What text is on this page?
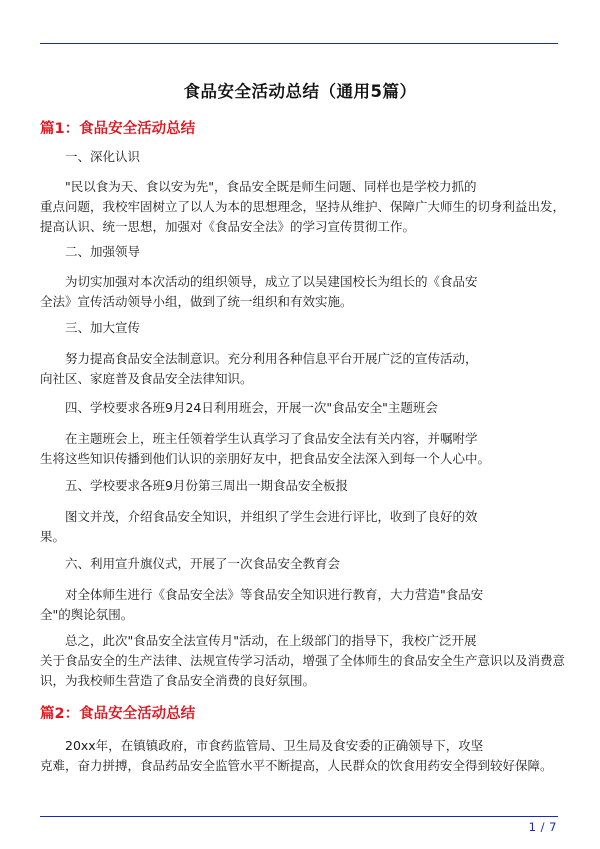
食品安全活动总结（通用5篇）
篇1：食品安全活动总结
一、深化认识
"民以食为天、食以安为先"，食品安全既是师生问题、同样也是学校力抓的
重点问题，我校牢固树立了以人为本的思想理念，坚持从维护、保障广大师生的切身利益出发，
提高认识、统一思想，加强对《食品安全法》的学习宣传贯彻工作。
二、加强领导
为切实加强对本次活动的组织领导，成立了以吴建国校长为组长的《食品安
全法》宣传活动领导小组，做到了统一组织和有效实施。
三、加大宣传
努力提高食品安全法制意识。充分利用各种信息平台开展广泛的宣传活动，
向社区、家庭普及食品安全法律知识。
四、学校要求各班9月24日利用班会，开展一次"食品安全"主题班会
在主题班会上，班主任领着学生认真学习了食品安全法有关内容，并嘱咐学
生将这些知识传播到他们认识的亲朋好友中，把食品安全法深入到每一个人心中。
五、学校要求各班9月份第三周出一期食品安全板报
图文并茂，介绍食品安全知识，并组织了学生会进行评比，收到了良好的效
果。
六、利用宣升旗仪式，开展了一次食品安全教育会
对全体师生进行《食品安全法》等食品安全知识进行教育，大力营造"食品安
全"的舆论氛围。
总之，此次"食品安全法宣传月"活动，在上级部门的指导下，我校广泛开展
关于食品安全的生产法律、法规宣传学习活动，增强了全体师生的食品安全生产意识以及消费意
识，为我校师生营造了食品安全消费的良好氛围。
篇2：食品安全活动总结
20xx年，在镇镇政府，市食药监管局、卫生局及食安委的正确领导下，攻坚
克难，奋力拼搏，食品药品安全监管水平不断提高，人民群众的饮食用药安全得到较好保障。
1 / 7
